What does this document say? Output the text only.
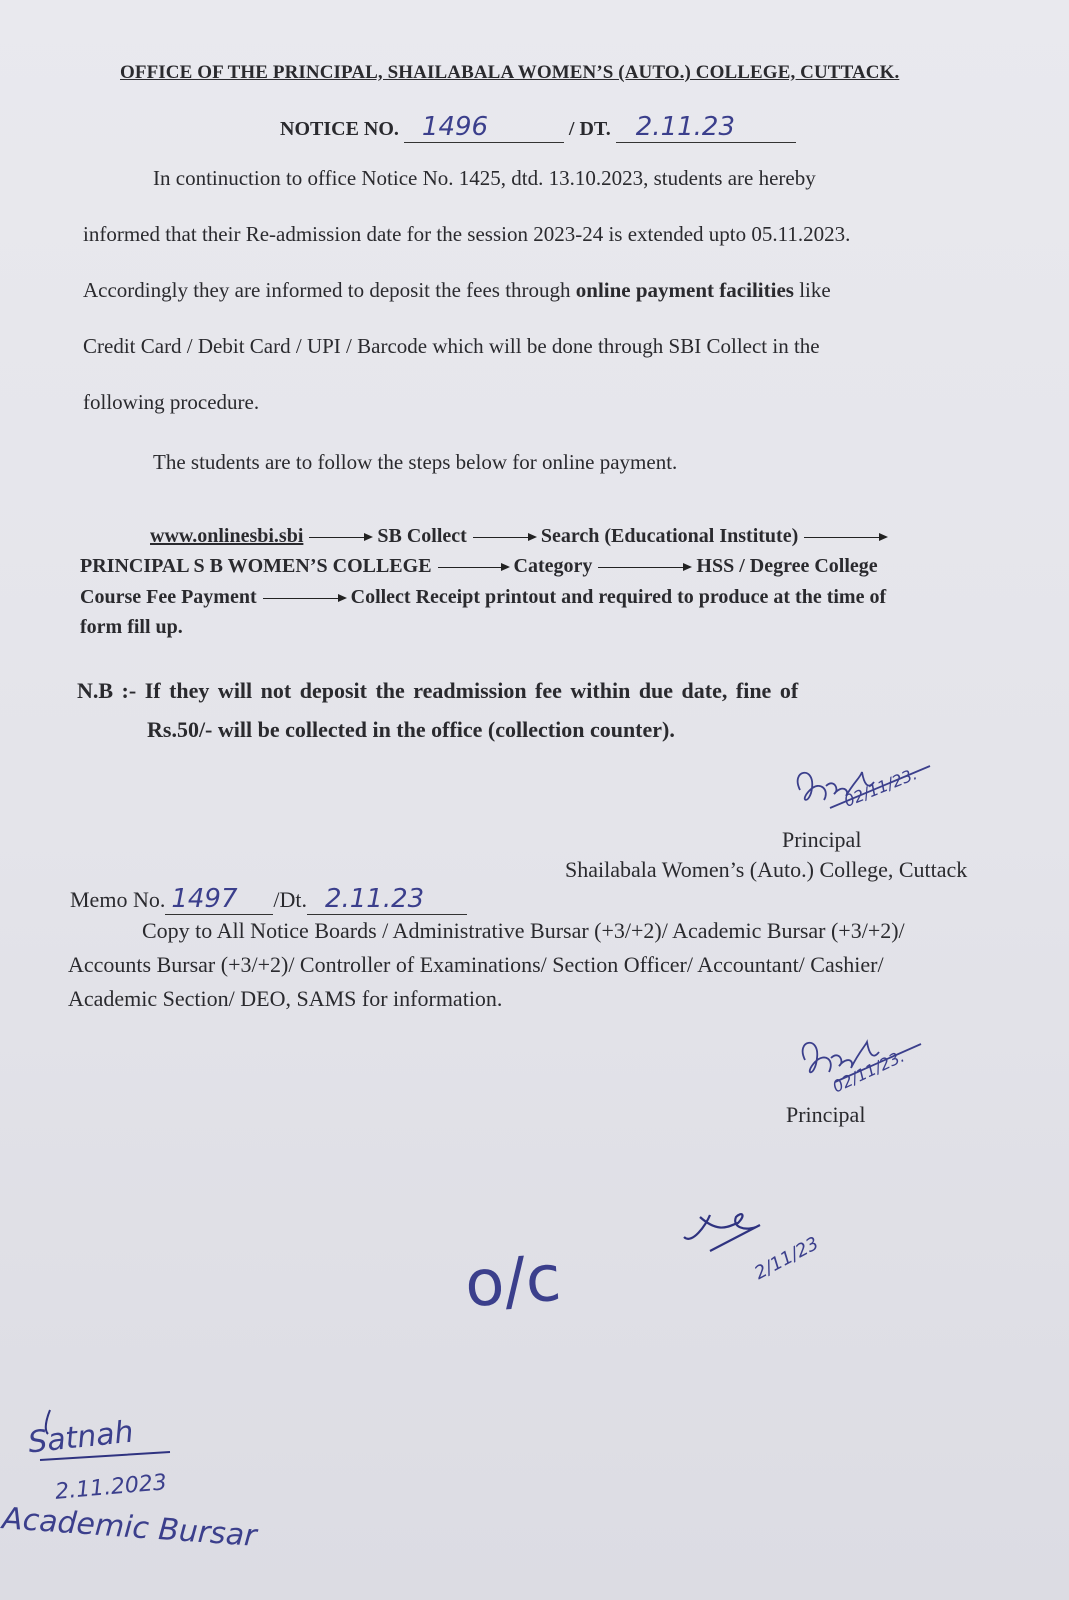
OFFICE OF THE PRINCIPAL, SHAILABALA WOMEN’S (AUTO.) COLLEGE, CUTTACK.
NOTICE NO. 1496	/ DT. 2.11.23
In continuction to office Notice No. 1425, dtd. 13.10.2023, students are hereby
informed that their Re-admission date for the session 2023-24 is extended upto 05.11.2023.
Accordingly they are informed to deposit the fees through online payment facilities like
Credit Card / Debit Card / UPI / Barcode which will be done through SBI Collect in the
following procedure.
The students are to follow the steps below for online payment.
www.onlinesbi.sbi	SB Collect	Search (Educational Institute)
PRINCIPAL S B WOMEN’S COLLEGE	Category	HSS / Degree College
Course Fee Payment	Collect Receipt printout and required to produce at the time of
form fill up.
N.B :- If they will not deposit the readmission fee within due date, fine of
Rs.50/- will be collected in the office (collection counter).
02/11/23.
Principal
Shailabala Women’s (Auto.) College, Cuttack
Memo No. 1497 /Dt. 2.11.23
Copy to All Notice Boards / Administrative Bursar (+3/+2)/ Academic Bursar (+3/+2)/
Accounts Bursar (+3/+2)/ Controller of Examinations/ Section Officer/ Accountant/ Cashier/
Academic Section/ DEO, SAMS for information.
02/11/23.
Principal
o/c	2/11/23
Satnah
2.11.2023
Academic Bursar
